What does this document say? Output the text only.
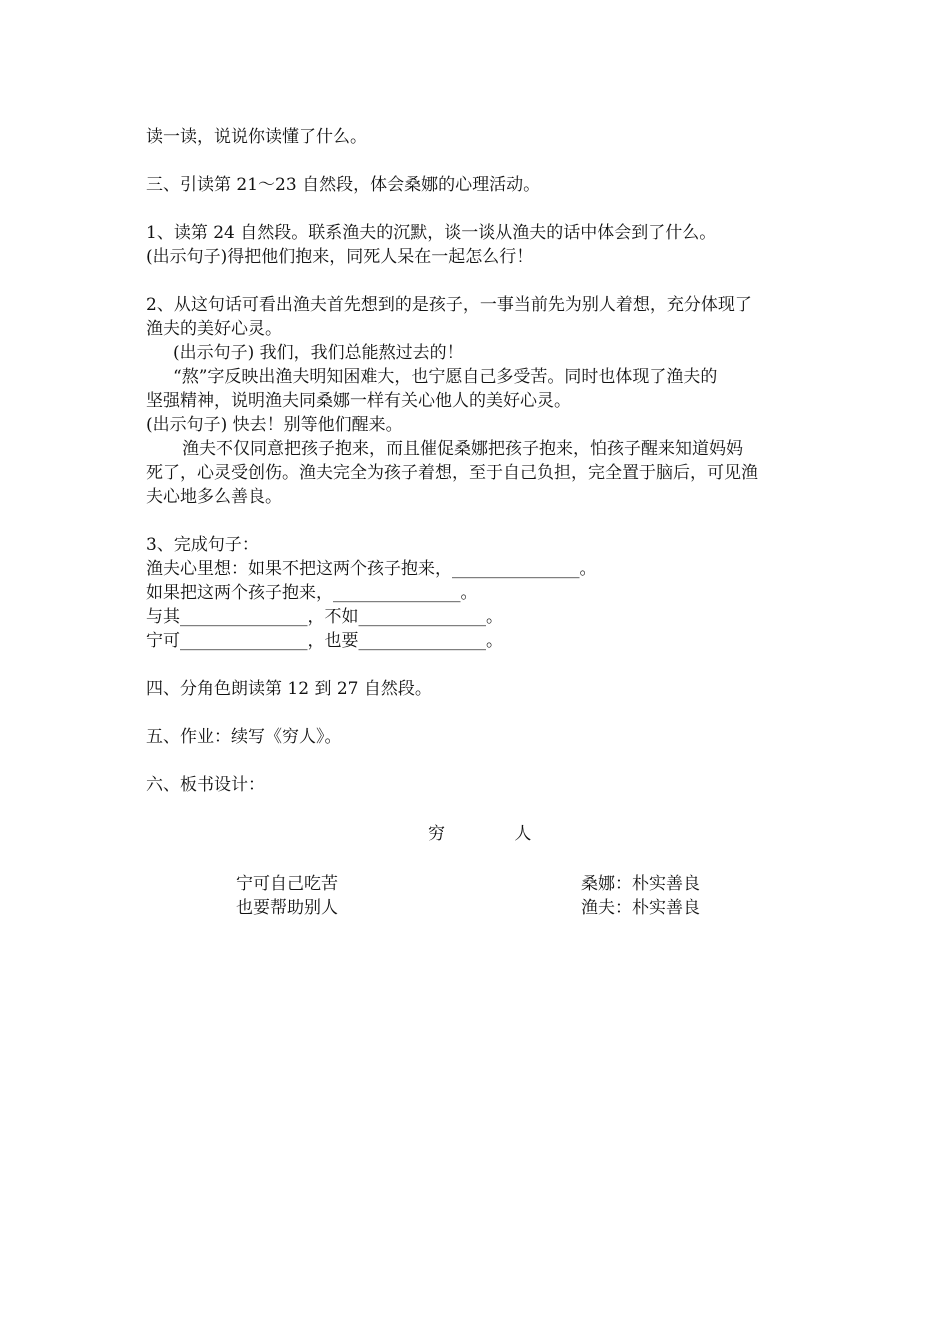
读一读，说说你读懂了什么。
三、引读第 21～23 自然段，体会桑娜的心理活动。
1、读第 24 自然段。联系渔夫的沉默，谈一谈从渔夫的话中体会到了什么。
(出示句子)得把他们抱来，同死人呆在一起怎么行！
2、从这句话可看出渔夫首先想到的是孩子，一事当前先为别人着想，充分体现了
渔夫的美好心灵。
(出示句子) 我们，我们总能熬过去的！
“熬”字反映出渔夫明知困难大，也宁愿自己多受苦。同时也体现了渔夫的
坚强精神，说明渔夫同桑娜一样有关心他人的美好心灵。
(出示句子) 快去！别等他们醒来。
渔夫不仅同意把孩子抱来，而且催促桑娜把孩子抱来，怕孩子醒来知道妈妈
死了，心灵受创伤。渔夫完全为孩子着想，至于自己负担，完全置于脑后，可见渔
夫心地多么善良。
3、完成句子：
渔夫心里想：如果不把这两个孩子抱来，_______________。
如果把这两个孩子抱来，_______________。
与其_______________，不如_______________。
宁可_______________，也要_______________。
四、分角色朗读第 12 到 27 自然段。
五、作业：续写《穷人》。
六、板书设计：
穷	人
宁可自己吃苦
也要帮助别人
桑娜：朴实善良
渔夫：朴实善良
